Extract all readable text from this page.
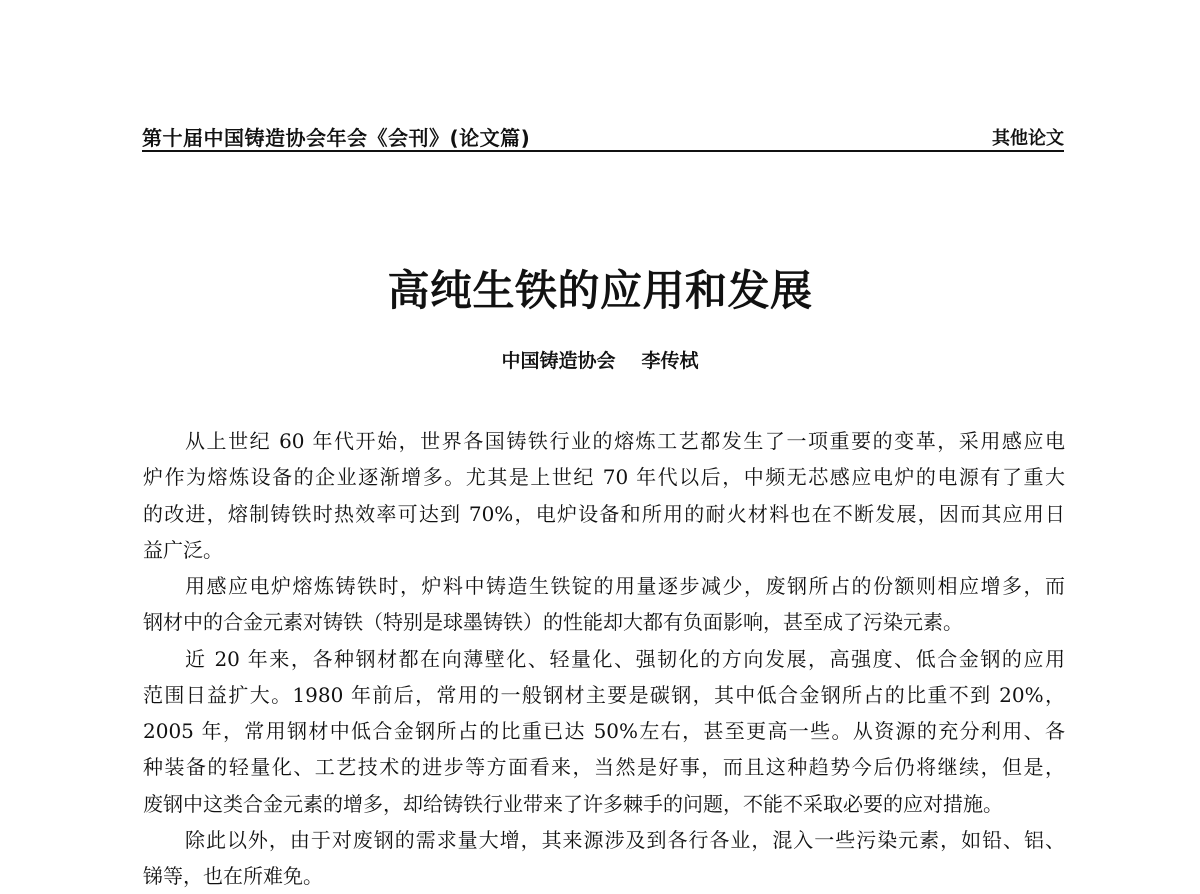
第十届中国铸造协会年会《会刊》(论文篇)	其他论文
高纯生铁的应用和发展
中国铸造协会 李传栻

从上世纪 60 年代开始，世界各国铸铁行业的熔炼工艺都发生了一项重要的变革，采用感应电
炉作为熔炼设备的企业逐渐增多。尤其是上世纪 70 年代以后，中频无芯感应电炉的电源有了重大
的改进，熔制铸铁时热效率可达到 70%，电炉设备和所用的耐火材料也在不断发展，因而其应用日
益广泛。

用感应电炉熔炼铸铁时，炉料中铸造生铁锭的用量逐步减少，废钢所占的份额则相应增多，而
钢材中的合金元素对铸铁（特别是球墨铸铁）的性能却大都有负面影响，甚至成了污染元素。

近 20 年来，各种钢材都在向薄壁化、轻量化、强韧化的方向发展，高强度、低合金钢的应用
范围日益扩大。1980 年前后，常用的一般钢材主要是碳钢，其中低合金钢所占的比重不到 20%，
2005 年，常用钢材中低合金钢所占的比重已达 50%左右，甚至更高一些。从资源的充分利用、各
种装备的轻量化、工艺技术的进步等方面看来，当然是好事，而且这种趋势今后仍将继续，但是，
废钢中这类合金元素的增多，却给铸铁行业带来了许多棘手的问题，不能不采取必要的应对措施。

除此以外，由于对废钢的需求量大增，其来源涉及到各行各业，混入一些污染元素，如铅、铝、
锑等，也在所难免。
